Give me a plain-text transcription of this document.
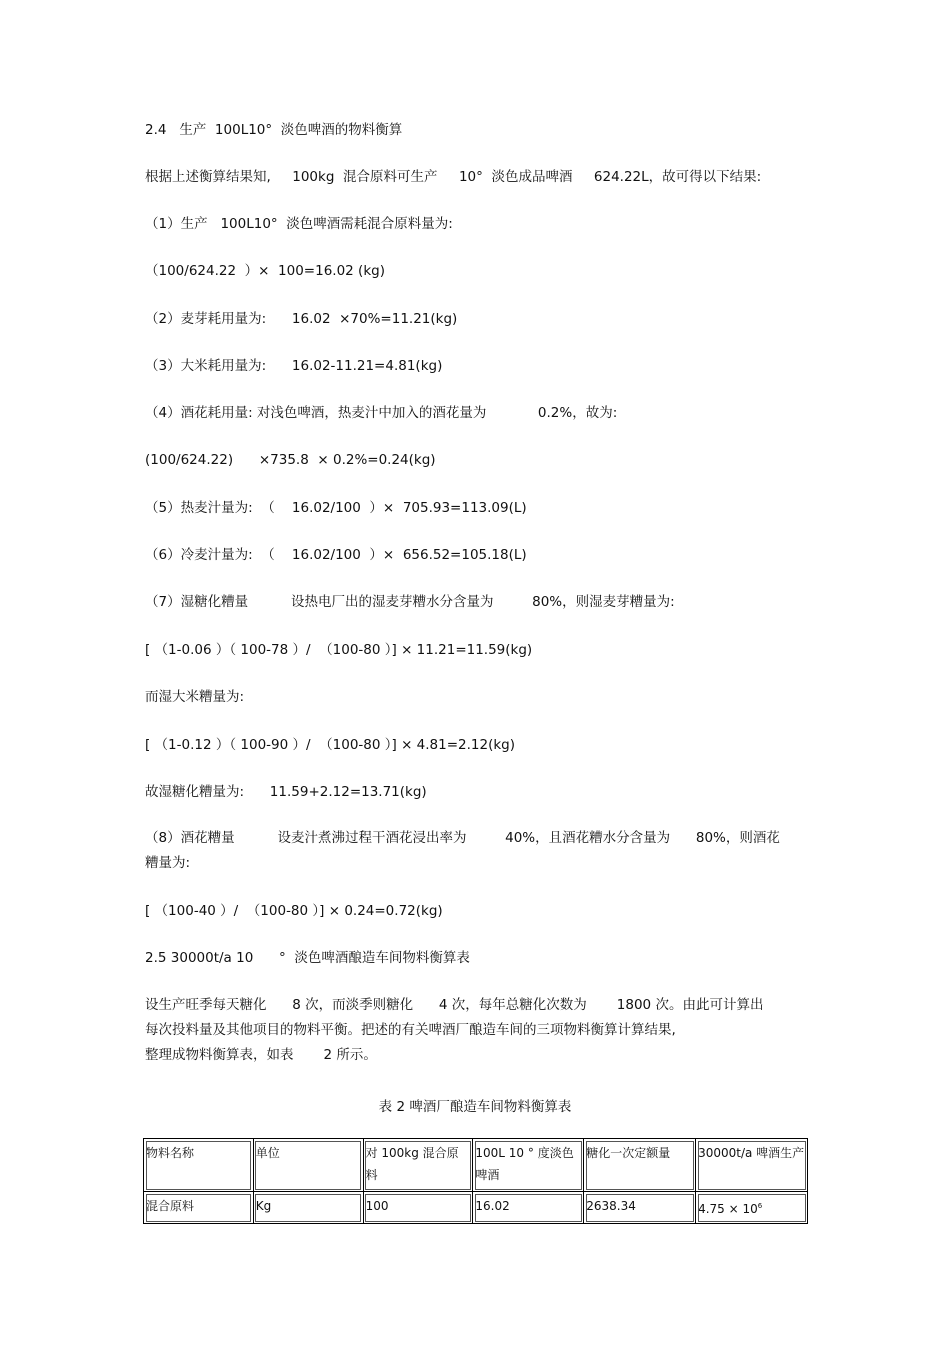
2.4   生产  100L10°  淡色啤酒的物料衡算
根据上述衡算结果知,     100kg  混合原料可生产     10°  淡色成品啤酒     624.22L，故可得以下结果:
（1）生产   100L10°  淡色啤酒需耗混合原料量为:
（100/624.22  ）×  100=16.02 (kg)
（2）麦芽耗用量为:      16.02  ×70%=11.21(kg)
（3）大米耗用量为:      16.02-11.21=4.81(kg)
（4）酒花耗用量: 对浅色啤酒，热麦汁中加入的酒花量为            0.2%，故为:
(100/624.22)      ×735.8  × 0.2%=0.24(kg)
（5）热麦汁量为:  （    16.02/100  ）×  705.93=113.09(L)
（6）冷麦汁量为:  （    16.02/100  ）×  656.52=105.18(L)
（7）湿糖化糟量          设热电厂出的湿麦芽糟水分含量为         80%，则湿麦芽糟量为:
[ （1-0.06 ）（ 100-78 ）/  （100-80 ）] × 11.21=11.59(kg)
而湿大米糟量为:
[ （1-0.12 ）（ 100-90 ）/  （100-80 ）] × 4.81=2.12(kg)
故湿糖化糟量为:      11.59+2.12=13.71(kg)
（8）酒花糟量          设麦汁煮沸过程干酒花浸出率为         40%，且酒花糟水分含量为      80%，则酒花
糟量为:
[ （100-40 ）/  （100-80 ）] × 0.24=0.72(kg)
2.5 30000t/a 10      °  淡色啤酒酿造车间物料衡算表
设生产旺季每天糖化      8 次，而淡季则糖化      4 次，每年总糖化次数为       1800 次。由此可计算出
每次投料量及其他项目的物料平衡。把述的有关啤酒厂酿造车间的三项物料衡算计算结果,
整理成物料衡算表，如表       2 所示。
表 2 啤酒厂酿造车间物料衡算表
物料名称	单位	对 100kg 混合原料	100L 10 ° 度淡色啤酒	糖化一次定额量	30000t/a 啤酒生产
混合原料	Kg	100	16.02	2638.34	$4.75 \times 10^6$
